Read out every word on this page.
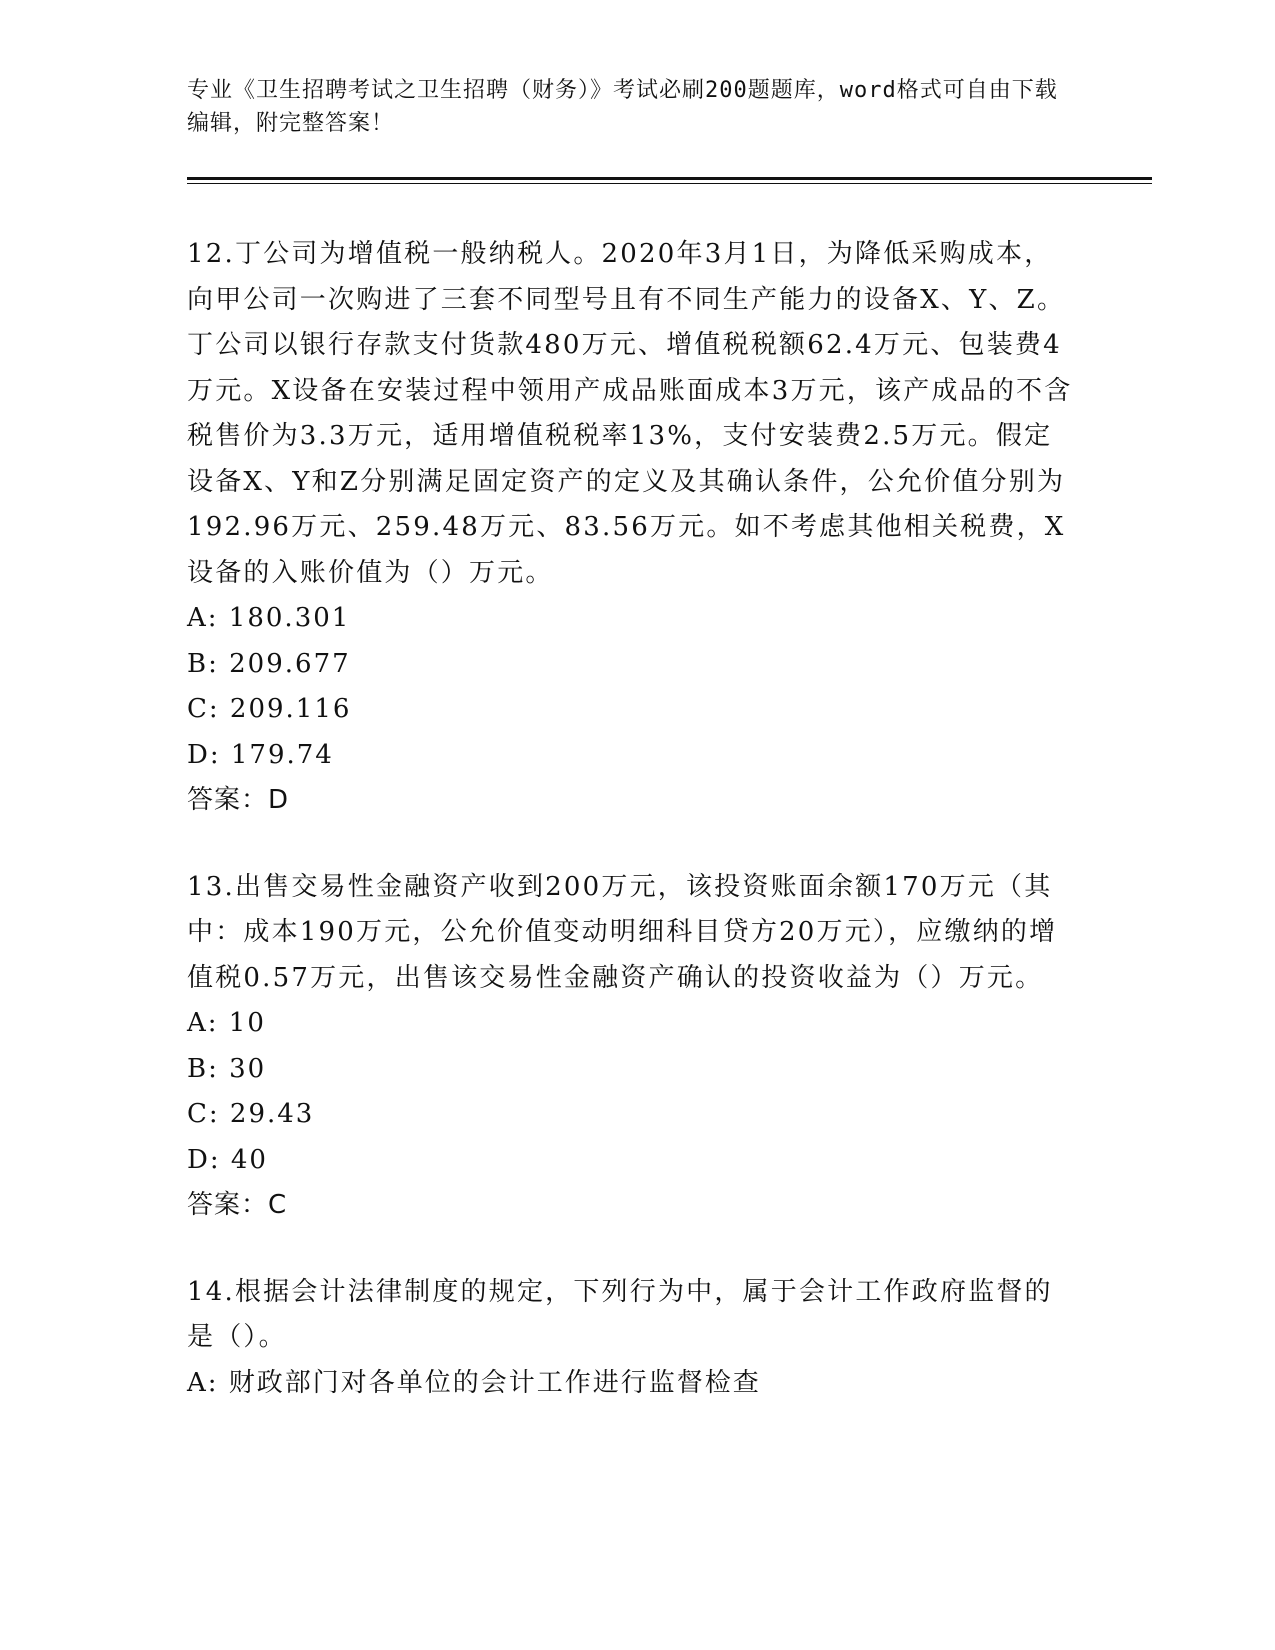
专业《卫生招聘考试之卫生招聘（财务）》考试必刷200题题库，word格式可自由下载编辑，附完整答案！

12.丁公司为增值税一般纳税人。2020年3月1日，为降低采购成本，向甲公司一次购进了三套不同型号且有不同生产能力的设备X、Y、Z。丁公司以银行存款支付货款480万元、增值税税额62.4万元、包装费4万元。X设备在安装过程中领用产成品账面成本3万元，该产成品的不含税售价为3.3万元，适用增值税税率13%，支付安装费2.5万元。假定设备X、Y和Z分别满足固定资产的定义及其确认条件，公允价值分别为192.96万元、259.48万元、83.56万元。如不考虑其他相关税费，X设备的入账价值为（）万元。

A: 180.301

B: 209.677

C: 209.116

D: 179.74

答案：D

13.出售交易性金融资产收到200万元，该投资账面余额170万元（其中：成本190万元，公允价值变动明细科目贷方20万元），应缴纳的增值税0.57万元，出售该交易性金融资产确认的投资收益为（）万元。

A: 10

B: 30

C: 29.43

D: 40

答案：C

14.根据会计法律制度的规定，下列行为中，属于会计工作政府监督的是（）。

A: 财政部门对各单位的会计工作进行监督检查
